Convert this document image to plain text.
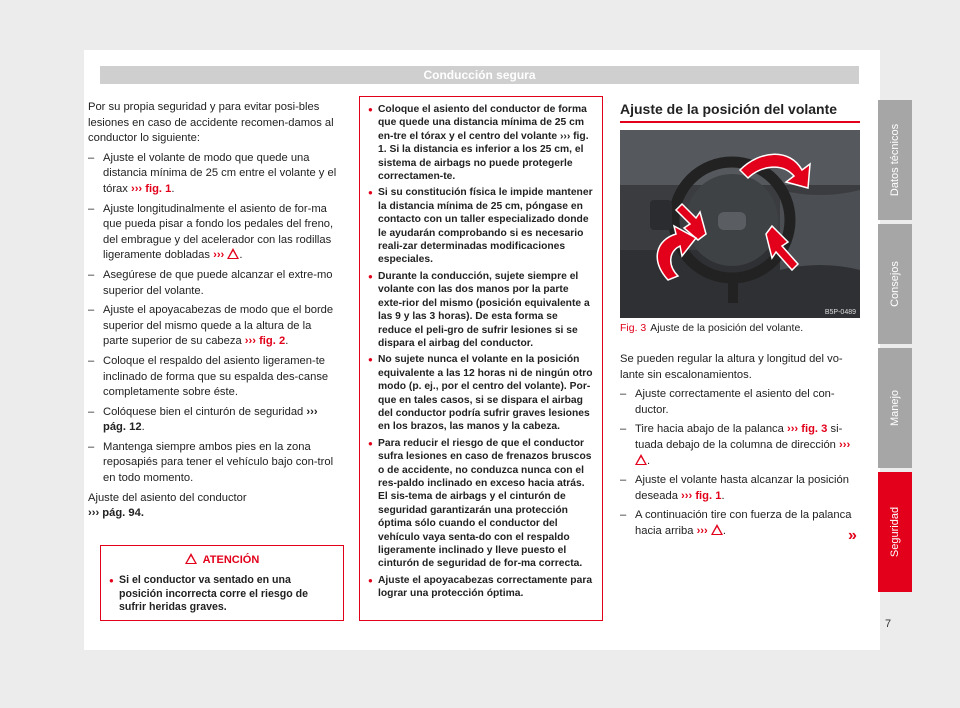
Conducción segura

Por su propia seguridad y para evitar posi-bles lesiones en caso de accidente recomen-damos al conductor lo siguiente:

– Ajuste el volante de modo que quede una distancia mínima de 25 cm entre el volante y el tórax ››› fig. 1.
– Ajuste longitudinalmente el asiento de for-ma que pueda pisar a fondo los pedales del freno, del embrague y del acelerador con las rodillas ligeramente dobladas ››› .
– Asegúrese de que puede alcanzar el extre-mo superior del volante.
– Ajuste el apoyacabezas de modo que el borde superior del mismo quede a la altura de la parte superior de su cabeza ››› fig. 2.
– Coloque el respaldo del asiento ligeramen-te inclinado de forma que su espalda des-canse completamente sobre éste.
– Colóquese bien el cinturón de seguridad ››› pág. 12.
– Mantenga siempre ambos pies en la zona reposapiés para tener el vehículo bajo con-trol en todo momento.

Ajuste del asiento del conductor
››› pág. 94.

ATENCIÓN
● Si el conductor va sentado en una posición incorrecta corre el riesgo de sufrir heridas graves.
● Coloque el asiento del conductor de forma que quede una distancia mínima de 25 cm en-tre el tórax y el centro del volante ››› fig. 1. Si la distancia es inferior a los 25 cm, el sistema de airbags no puede protegerle correctamen-te.
● Si su constitución física le impide mantener la distancia mínima de 25 cm, póngase en contacto con un taller especializado donde le ayudarán comprobando si es necesario reali-zar determinadas modificaciones especiales.
● Durante la conducción, sujete siempre el volante con las dos manos por la parte exte-rior del mismo (posición equivalente a las 9 y las 3 horas). De esta forma se reduce el peli-gro de sufrir lesiones si se dispara el airbag del conductor.
● No sujete nunca el volante en la posición equivalente a las 12 horas ni de ningún otro modo (p. ej., por el centro del volante). Por-que en tales casos, si se dispara el airbag del conductor podría sufrir graves lesiones en los brazos, las manos y la cabeza.
● Para reducir el riesgo de que el conductor sufra lesiones en caso de frenazos bruscos o de accidente, no conduzca nunca con el res-paldo inclinado en exceso hacia atrás. El sis-tema de airbags y el cinturón de seguridad garantizarán una protección óptima sólo cuando el conductor del vehículo vaya senta-do con el respaldo ligeramente inclinado y lleve puesto el cinturón de seguridad de for-ma correcta.
● Ajuste el apoyacabezas correctamente para lograr una protección óptima.
Ajuste de la posición del volante
B5P-0489
Fig. 3 Ajuste de la posición del volante.

Se pueden regular la altura y longitud del vo-lante sin escalonamientos.

– Ajuste correctamente el asiento del con-ductor.
– Tire hacia abajo de la palanca ››› fig. 3 si-tuada debajo de la columna de dirección ››› .
– Ajuste el volante hasta alcanzar la posición deseada ››› fig. 1.
– A continuación tire con fuerza de la palanca hacia arriba ››› .	»
Datos técnicos
Consejos
Manejo
Seguridad
7
